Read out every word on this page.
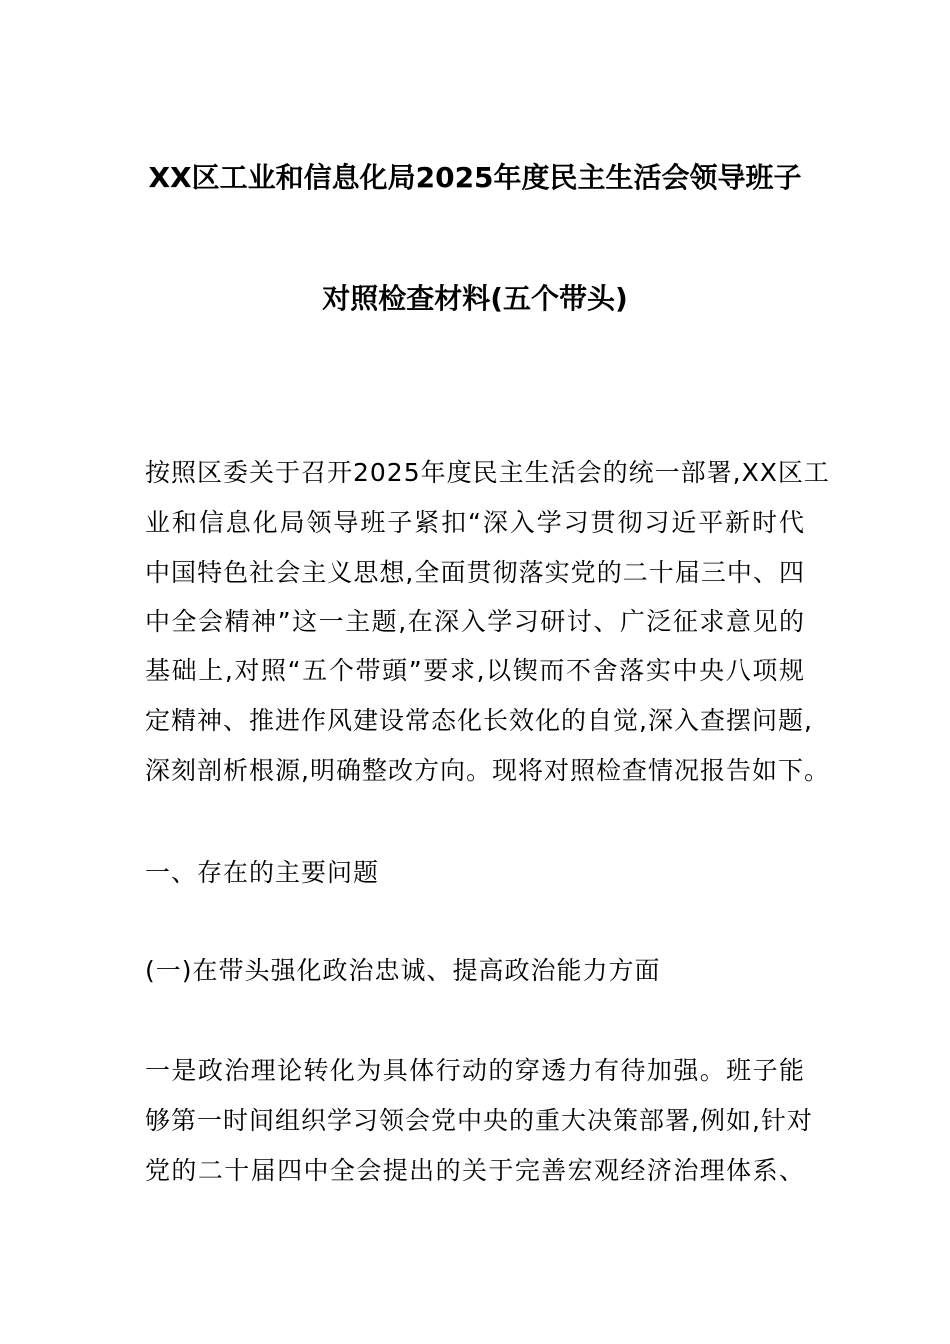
XX区工业和信息化局2025年度民主生活会领导班子
对照检查材料(五个带头)
按照区委关于召开2025年度民主生活会的统一部署,XX区工
业和信息化局领导班子紧扣“深入学习贯彻习近平新时代
中国特色社会主义思想,全面贯彻落实党的二十届三中、四
中全会精神”这一主题,在深入学习研讨、广泛征求意见的
基础上,对照“五个带頭”要求,以锲而不舍落实中央八项规
定精神、推进作风建设常态化长效化的自觉,深入查摆问题,
深刻剖析根源,明确整改方向。现将对照检查情况报告如下。
一、存在的主要问题
(一)在带头强化政治忠诚、提高政治能力方面
一是政治理论转化为具体行动的穿透力有待加强。班子能
够第一时间组织学习领会党中央的重大决策部署,例如,针对
党的二十届四中全会提出的关于完善宏观经济治理体系、
